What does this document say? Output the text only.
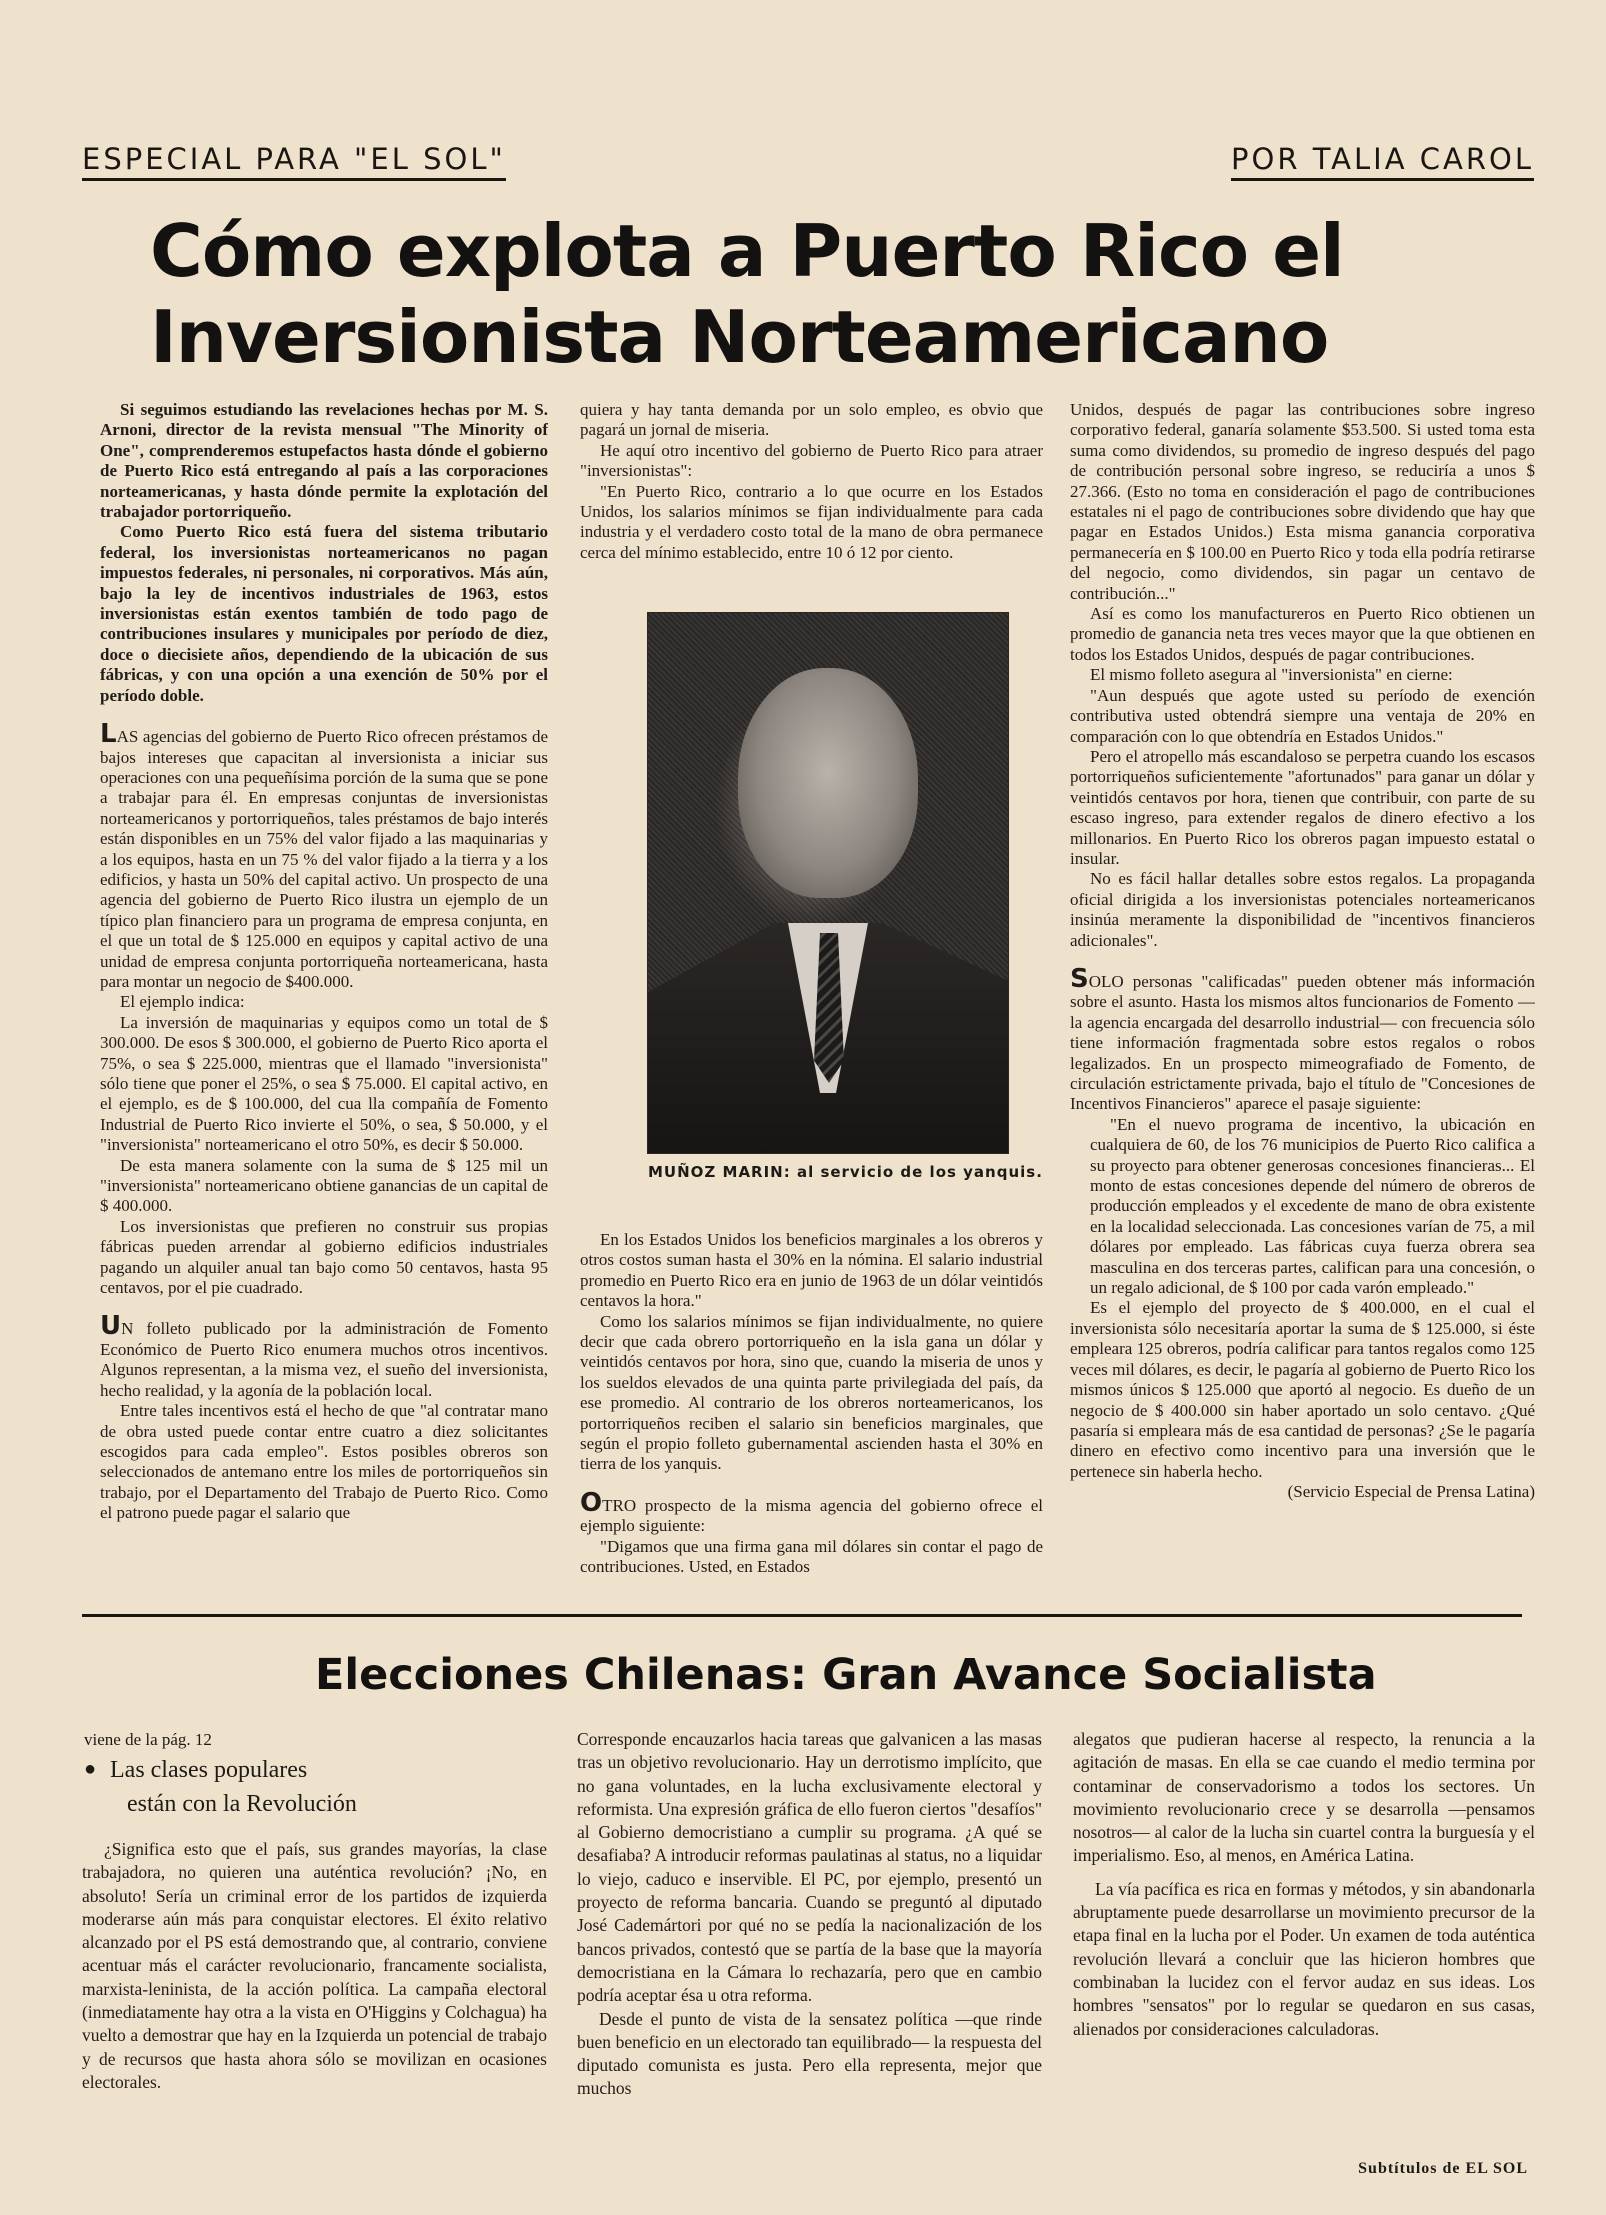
ESPECIAL PARA "EL SOL"	POR TALIA CAROL
Cómo explota a Puerto Rico el
Inversionista Norteamericano

Si seguimos estudiando las revelaciones hechas por M. S. Arnoni, director de la revista mensual "The Minority of One", comprenderemos estupefactos hasta dónde el gobierno de Puerto Rico está entregando al país a las corporaciones norteamericanas, y hasta dónde permite la explotación del trabajador portorriqueño.

Como Puerto Rico está fuera del sistema tributario federal, los inversionistas norteamericanos no pagan impuestos federales, ni personales, ni corporativos. Más aún, bajo la ley de incentivos industriales de 1963, estos inversionistas están exentos también de todo pago de contribuciones insulares y municipales por período de diez, doce o diecisiete años, dependiendo de la ubicación de sus fábricas, y con una opción a una exención de 50% por el período doble.

LAS agencias del gobierno de Puerto Rico ofrecen préstamos de bajos intereses que capacitan al inversionista a iniciar sus operaciones con una pequeñísima porción de la suma que se pone a trabajar para él. En empresas conjuntas de inversionistas norteamericanos y portorriqueños, tales préstamos de bajo interés están disponibles en un 75% del valor fijado a las maquinarias y a los equipos, hasta en un 75 % del valor fijado a la tierra y a los edificios, y hasta un 50% del capital activo. Un prospecto de una agencia del gobierno de Puerto Rico ilustra un ejemplo de un típico plan financiero para un programa de empresa conjunta, en el que un total de $ 125.000 en equipos y capital activo de una unidad de empresa conjunta portorriqueña norteamericana, hasta para montar un negocio de $400.000.

El ejemplo indica:

La inversión de maquinarias y equipos como un total de $ 300.000. De esos $ 300.000, el gobierno de Puerto Rico aporta el 75%, o sea $ 225.000, mientras que el llamado "inversionista" sólo tiene que poner el 25%, o sea $ 75.000. El capital activo, en el ejemplo, es de $ 100.000, del cua lla compañía de Fomento Industrial de Puerto Rico invierte el 50%, o sea, $ 50.000, y el "inversionista" norteamericano el otro 50%, es decir $ 50.000.

De esta manera solamente con la suma de $ 125 mil un "inversionista" norteamericano obtiene ganancias de un capital de $ 400.000.

Los inversionistas que prefieren no construir sus propias fábricas pueden arrendar al gobierno edificios industriales pagando un alquiler anual tan bajo como 50 centavos, hasta 95 centavos, por el pie cuadrado.

UN folleto publicado por la administración de Fomento Económico de Puerto Rico enumera muchos otros incentivos. Algunos representan, a la misma vez, el sueño del inversionista, hecho realidad, y la agonía de la población local.

Entre tales incentivos está el hecho de que "al contratar mano de obra usted puede contar entre cuatro a diez solicitantes escogidos para cada empleo". Estos posibles obreros son seleccionados de antemano entre los miles de portorriqueños sin trabajo, por el Departamento del Trabajo de Puerto Rico. Como el patrono puede pagar el salario que

quiera y hay tanta demanda por un solo empleo, es obvio que pagará un jornal de miseria.

He aquí otro incentivo del gobierno de Puerto Rico para atraer "inversionistas":

"En Puerto Rico, contrario a lo que ocurre en los Estados Unidos, los salarios mínimos se fijan individualmente para cada industria y el verdadero costo total de la mano de obra permanece cerca del mínimo establecido, entre 10 ó 12 por ciento.

MUÑOZ MARIN: al servicio de los yanquis.

En los Estados Unidos los beneficios marginales a los obreros y otros costos suman hasta el 30% en la nómina. El salario industrial promedio en Puerto Rico era en junio de 1963 de un dólar veintidós centavos la hora."

Como los salarios mínimos se fijan individualmente, no quiere decir que cada obrero portorriqueño en la isla gana un dólar y veintidós centavos por hora, sino que, cuando la miseria de unos y los sueldos elevados de una quinta parte privilegiada del país, da ese promedio. Al contrario de los obreros norteamericanos, los portorriqueños reciben el salario sin beneficios marginales, que según el propio folleto gubernamental ascienden hasta el 30% en tierra de los yanquis.

OTRO prospecto de la misma agencia del gobierno ofrece el ejemplo siguiente:

"Digamos que una firma gana mil dólares sin contar el pago de contribuciones. Usted, en Estados

Unidos, después de pagar las contribuciones sobre ingreso corporativo federal, ganaría solamente $53.500. Si usted toma esta suma como dividendos, su promedio de ingreso después del pago de contribución personal sobre ingreso, se reduciría a unos $ 27.366. (Esto no toma en consideración el pago de contribuciones estatales ni el pago de contribuciones sobre dividendo que hay que pagar en Estados Unidos.) Esta misma ganancia corporativa permanecería en $ 100.00 en Puerto Rico y toda ella podría retirarse del negocio, como dividendos, sin pagar un centavo de contribución..."

Así es como los manufactureros en Puerto Rico obtienen un promedio de ganancia neta tres veces mayor que la que obtienen en todos los Estados Unidos, después de pagar contribuciones.

El mismo folleto asegura al "inversionista" en cierne:

"Aun después que agote usted su período de exención contributiva usted obtendrá siempre una ventaja de 20% en comparación con lo que obtendría en Estados Unidos."

Pero el atropello más escandaloso se perpetra cuando los escasos portorriqueños suficientemente "afortunados" para ganar un dólar y veintidós centavos por hora, tienen que contribuir, con parte de su escaso ingreso, para extender regalos de dinero efectivo a los millonarios. En Puerto Rico los obreros pagan impuesto estatal o insular.

No es fácil hallar detalles sobre estos regalos. La propaganda oficial dirigida a los inversionistas potenciales norteamericanos insinúa meramente la disponibilidad de "incentivos financieros adicionales".

SOLO personas "calificadas" pueden obtener más información sobre el asunto. Hasta los mismos altos funcionarios de Fomento —la agencia encargada del desarrollo industrial— con frecuencia sólo tiene información fragmentada sobre estos regalos o robos legalizados. En un prospecto mimeografiado de Fomento, de circulación estrictamente privada, bajo el título de "Concesiones de Incentivos Financieros" aparece el pasaje siguiente:

"En el nuevo programa de incentivo, la ubicación en cualquiera de 60, de los 76 municipios de Puerto Rico califica a su proyecto para obtener generosas concesiones financieras... El monto de estas concesiones depende del número de obreros de producción empleados y el excedente de mano de obra existente en la localidad seleccionada. Las concesiones varían de 75, a mil dólares por empleado. Las fábricas cuya fuerza obrera sea masculina en dos terceras partes, califican para una concesión, o un regalo adicional, de $ 100 por cada varón empleado."

Es el ejemplo del proyecto de $ 400.000, en el cual el inversionista sólo necesitaría aportar la suma de $ 125.000, si éste empleara 125 obreros, podría calificar para tantos regalos como 125 veces mil dólares, es decir, le pagaría al gobierno de Puerto Rico los mismos únicos $ 125.000 que aportó al negocio. Es dueño de un negocio de $ 400.000 sin haber aportado un solo centavo. ¿Qué pasaría si empleara más de esa cantidad de personas? ¿Se le pagaría dinero en efectivo como incentivo para una inversión que le pertenece sin haberla hecho.

(Servicio Especial de Prensa Latina)

Elecciones Chilenas: Gran Avance Socialista
viene de la pág. 12
● Las clases populares
están con la Revolución

¿Significa esto que el país, sus grandes mayorías, la clase trabajadora, no quieren una auténtica revolución? ¡No, en absoluto! Sería un criminal error de los partidos de izquierda moderarse aún más para conquistar electores. El éxito relativo alcanzado por el PS está demostrando que, al contrario, conviene acentuar más el carácter revolucionario, francamente socialista, marxista-leninista, de la acción política. La campaña electoral (inmediatamente hay otra a la vista en O'Higgins y Colchagua) ha vuelto a demostrar que hay en la Izquierda un potencial de trabajo y de recursos que hasta ahora sólo se movilizan en ocasiones electorales.

Corresponde encauzarlos hacia tareas que galvanicen a las masas tras un objetivo revolucionario. Hay un derrotismo implícito, que no gana voluntades, en la lucha exclusivamente electoral y reformista. Una expresión gráfica de ello fueron ciertos "desafíos" al Gobierno democristiano a cumplir su programa. ¿A qué se desafiaba? A introducir reformas paulatinas al status, no a liquidar lo viejo, caduco e inservible. El PC, por ejemplo, presentó un proyecto de reforma bancaria. Cuando se preguntó al diputado José Cademártori por qué no se pedía la nacionalización de los bancos privados, contestó que se partía de la base que la mayoría democristiana en la Cámara lo rechazaría, pero que en cambio podría aceptar ésa u otra reforma.

Desde el punto de vista de la sensatez política —que rinde buen beneficio en un electorado tan equilibrado— la respuesta del diputado comunista es justa. Pero ella representa, mejor que muchos

alegatos que pudieran hacerse al respecto, la renuncia a la agitación de masas. En ella se cae cuando el medio termina por contaminar de conservadorismo a todos los sectores. Un movimiento revolucionario crece y se desarrolla —pensamos nosotros— al calor de la lucha sin cuartel contra la burguesía y el imperialismo. Eso, al menos, en América Latina.

La vía pacífica es rica en formas y métodos, y sin abandonarla abruptamente puede desarrollarse un movimiento precursor de la etapa final en la lucha por el Poder. Un examen de toda auténtica revolución llevará a concluir que las hicieron hombres que combinaban la lucidez con el fervor audaz en sus ideas. Los hombres "sensatos" por lo regular se quedaron en sus casas, alienados por consideraciones calculadoras.

Subtítulos de EL SOL
